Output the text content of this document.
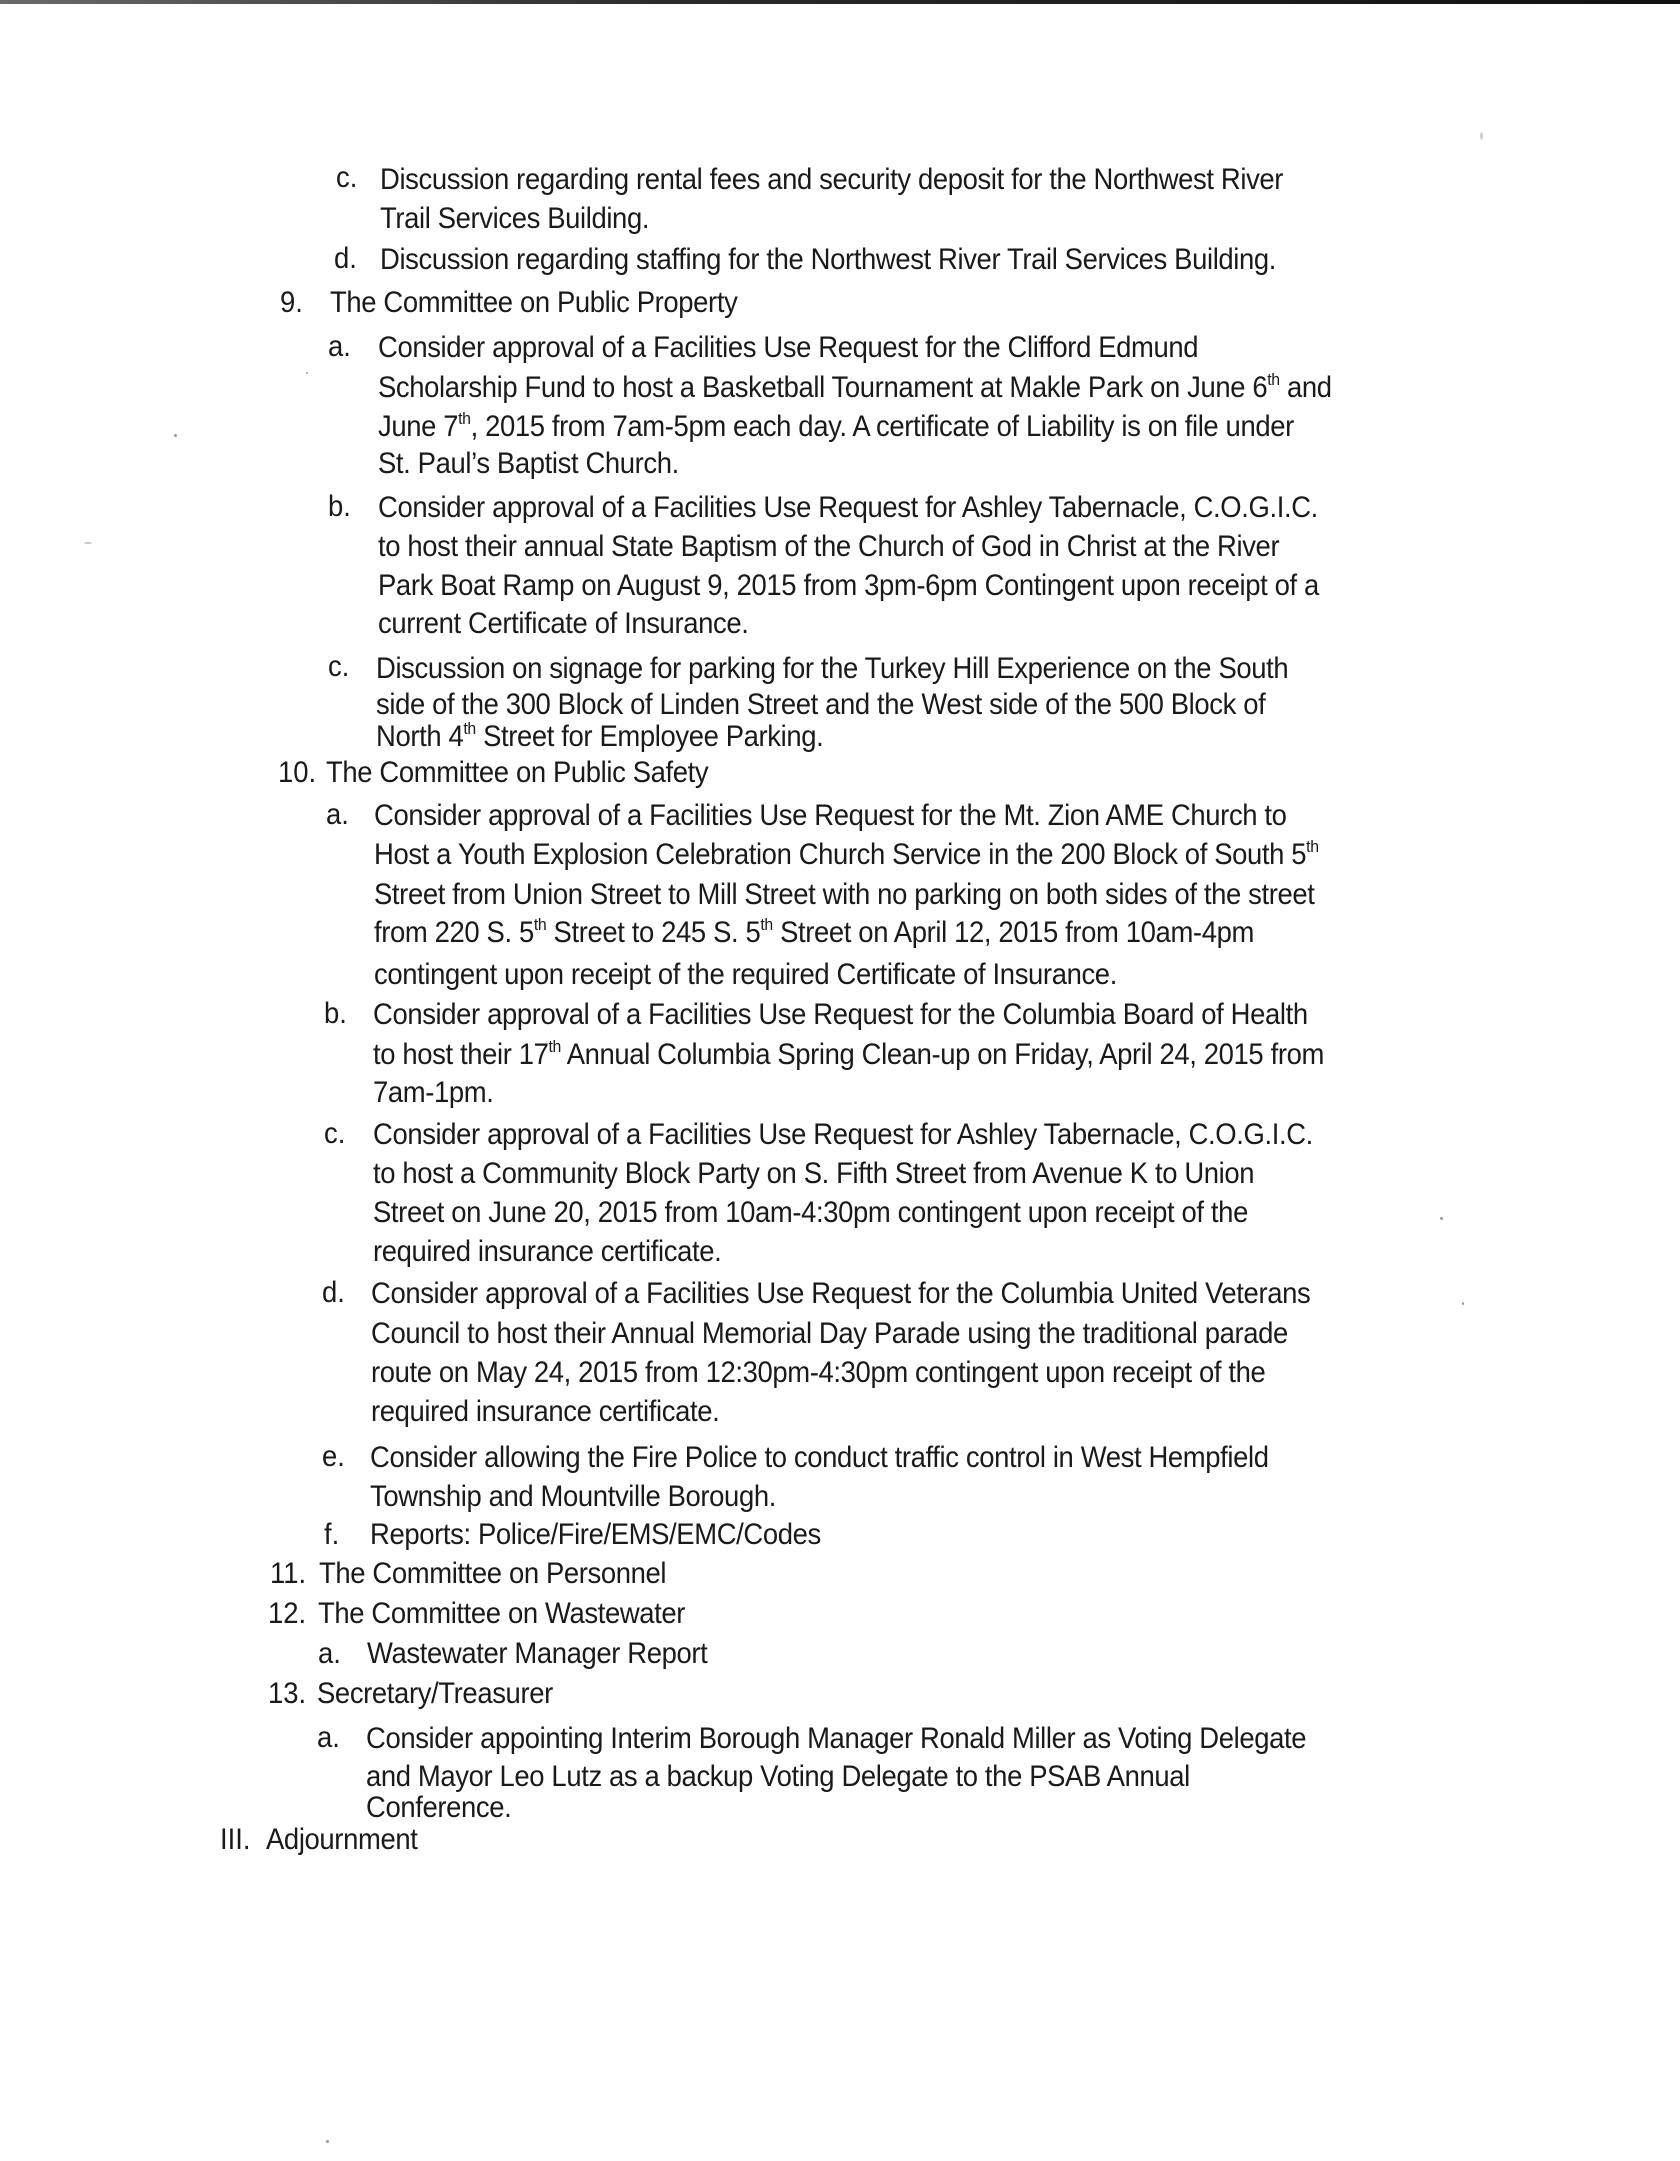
c. Discussion regarding rental fees and security deposit for the Northwest River
Trail Services Building.
d. Discussion regarding staffing for the Northwest River Trail Services Building.
9. The Committee on Public Property
a. Consider approval of a Facilities Use Request for the Clifford Edmund
Scholarship Fund to host a Basketball Tournament at Makle Park on June 6th and
June 7th, 2015 from 7am-5pm each day. A certificate of Liability is on file under
St. Paul’s Baptist Church.
b. Consider approval of a Facilities Use Request for Ashley Tabernacle, C.O.G.I.C.
to host their annual State Baptism of the Church of God in Christ at the River
Park Boat Ramp on August 9, 2015 from 3pm-6pm Contingent upon receipt of a
current Certificate of Insurance.
c. Discussion on signage for parking for the Turkey Hill Experience on the South
side of the 300 Block of Linden Street and the West side of the 500 Block of
North 4th Street for Employee Parking.
10. The Committee on Public Safety
a. Consider approval of a Facilities Use Request for the Mt. Zion AME Church to
Host a Youth Explosion Celebration Church Service in the 200 Block of South 5th
Street from Union Street to Mill Street with no parking on both sides of the street
from 220 S. 5th Street to 245 S. 5th Street on April 12, 2015 from 10am-4pm
contingent upon receipt of the required Certificate of Insurance.
b. Consider approval of a Facilities Use Request for the Columbia Board of Health
to host their 17th Annual Columbia Spring Clean-up on Friday, April 24, 2015 from
7am-1pm.
c. Consider approval of a Facilities Use Request for Ashley Tabernacle, C.O.G.I.C.
to host a Community Block Party on S. Fifth Street from Avenue K to Union
Street on June 20, 2015 from 10am-4:30pm contingent upon receipt of the
required insurance certificate.
d. Consider approval of a Facilities Use Request for the Columbia United Veterans
Council to host their Annual Memorial Day Parade using the traditional parade
route on May 24, 2015 from 12:30pm-4:30pm contingent upon receipt of the
required insurance certificate.
e. Consider allowing the Fire Police to conduct traffic control in West Hempfield
Township and Mountville Borough.
f. Reports: Police/Fire/EMS/EMC/Codes
11. The Committee on Personnel
12. The Committee on Wastewater
a. Wastewater Manager Report
13. Secretary/Treasurer
a. Consider appointing Interim Borough Manager Ronald Miller as Voting Delegate
and Mayor Leo Lutz as a backup Voting Delegate to the PSAB Annual
Conference.
III. Adjournment
